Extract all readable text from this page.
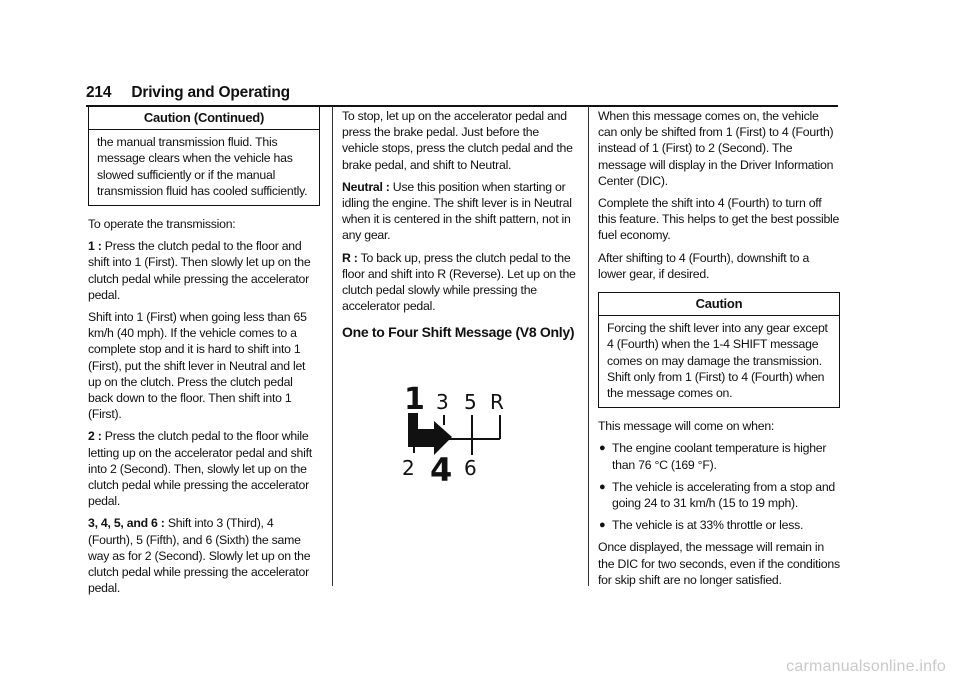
214 Driving and Operating
Caution (Continued)
the manual transmission fluid. This message clears when the vehicle has slowed sufficiently or if the manual transmission fluid has cooled sufficiently.

To operate the transmission:

1 : Press the clutch pedal to the floor and shift into 1 (First). Then slowly let up on the clutch pedal while pressing the accelerator pedal.

Shift into 1 (First) when going less than 65 km/h (40 mph). If the vehicle comes to a complete stop and it is hard to shift into 1 (First), put the shift lever in Neutral and let up on the clutch. Press the clutch pedal back down to the floor. Then shift into 1 (First).

2 : Press the clutch pedal to the floor while letting up on the accelerator pedal and shift into 2 (Second). Then, slowly let up on the clutch pedal while pressing the accelerator pedal.

3, 4, 5, and 6 : Shift into 3 (Third), 4 (Fourth), 5 (Fifth), and 6 (Sixth) the same way as for 2 (Second). Slowly let up on the clutch pedal while pressing the accelerator pedal.

To stop, let up on the accelerator pedal and press the brake pedal. Just before the vehicle stops, press the clutch pedal and the brake pedal, and shift to Neutral.

Neutral : Use this position when starting or idling the engine. The shift lever is in Neutral when it is centered in the shift pattern, not in any gear.

R : To back up, press the clutch pedal to the floor and shift into R (Reverse). Let up on the clutch pedal slowly while pressing the accelerator pedal.

One to Four Shift Message (V8 Only)
1 3 5 R
2 4 6

When this message comes on, the vehicle can only be shifted from 1 (First) to 4 (Fourth) instead of 1 (First) to 2 (Second). The message will display in the Driver Information Center (DIC).

Complete the shift into 4 (Fourth) to turn off this feature. This helps to get the best possible fuel economy.

After shifting to 4 (Fourth), downshift to a lower gear, if desired.

Caution
Forcing the shift lever into any gear except 4 (Fourth) when the 1-4 SHIFT message comes on may damage the transmission. Shift only from 1 (First) to 4 (Fourth) when the message comes on.

This message will come on when:

● The engine coolant temperature is higher than 76 °C (169 °F).
● The vehicle is accelerating from a stop and going 24 to 31 km/h (15 to 19 mph).
● The vehicle is at 33% throttle or less.

Once displayed, the message will remain in the DIC for two seconds, even if the conditions for skip shift are no longer satisfied.

carmanualsonline.info
